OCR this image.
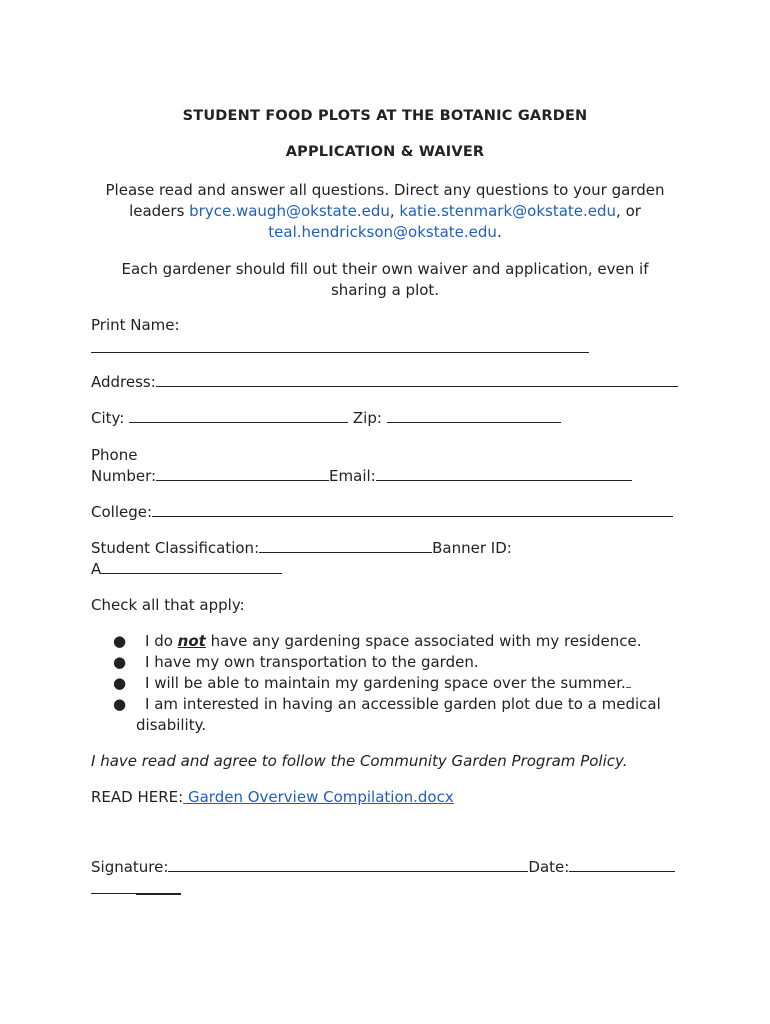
STUDENT FOOD PLOTS AT THE BOTANIC GARDEN
APPLICATION & WAIVER
Please read and answer all questions. Direct any questions to your garden
leaders bryce.waugh@okstate.edu, katie.stenmark@okstate.edu, or
teal.hendrickson@okstate.edu.
Each gardener should fill out their own waiver and application, even if
sharing a plot.
Print Name:
Address:
City:	Zip:
Phone
Number:	Email:
College:
Student Classification:	Banner ID:
A
Check all that apply:
● I do not have any gardening space associated with my residence.
● I have my own transportation to the garden.
● I will be able to maintain my gardening space over the summer.
● I am interested in having an accessible garden plot due to a medical
disability.
I have read and agree to follow the Community Garden Program Policy.
READ HERE: Garden Overview Compilation.docx
Signature:	Date:
